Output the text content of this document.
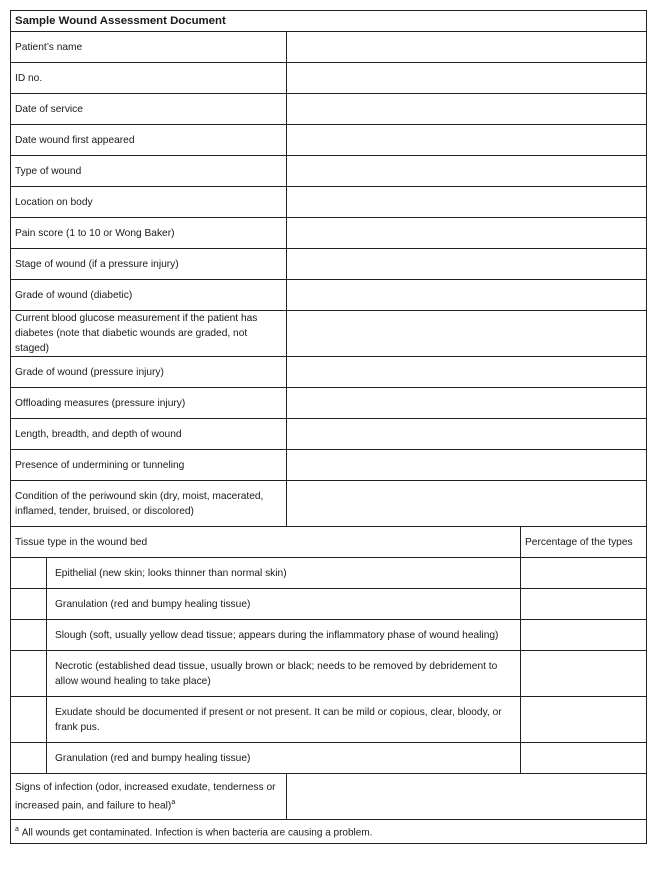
Sample Wound Assessment Document			
Patient’s name			
ID no.			
Date of service			
Date wound first appeared			
Type of wound			
Location on body			
Pain score (1 to 10 or Wong Baker)			
Stage of wound (if a pressure injury)			
Grade of wound (diabetic)			
Current blood glucose measurement if the patient has diabetes (note that diabetic wounds are graded, not staged)			
Grade of wound (pressure injury)			
Offloading measures (pressure injury)			
Length, breadth, and depth of wound			
Presence of undermining or tunneling			
Condition of the periwound skin (dry, moist, macerated, inflamed, tender, bruised, or discolored)			
Tissue type in the wound bed			Percentage of the types
	Epithelial (new skin; looks thinner than normal skin)		
	Granulation (red and bumpy healing tissue)		
	Slough (soft, usually yellow dead tissue; appears during the inflammatory phase of wound healing)		
	Necrotic (established dead tissue, usually brown or black; needs to be removed by debridement to allow wound healing to take place)		
	Exudate should be documented if present or not present. It can be mild or copious, clear, bloody, or frank pus.		
	Granulation (red and bumpy healing tissue)		
Signs of infection (odor, increased exudate, tenderness or increased pain, and failure to heal)$^a$	
$^a$ All wounds get contaminated. Infection is when bacteria are causing a problem.			
